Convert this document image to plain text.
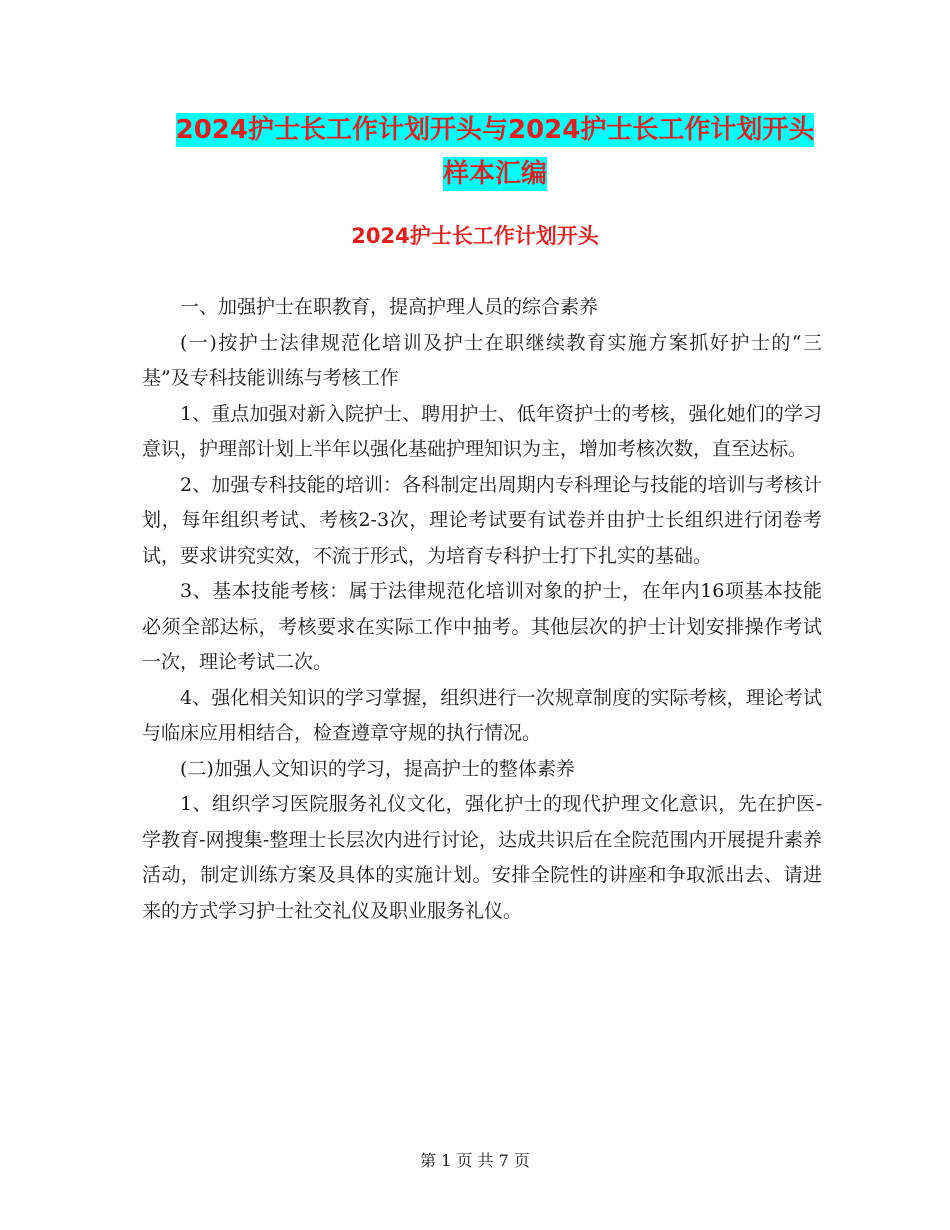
2024护士长工作计划开头与2024护士长工作计划开头
样本汇编
2024护士长工作计划开头

一、加强护士在职教育，提高护理人员的综合素养

(一)按护士法律规范化培训及护士在职继续教育实施方案抓好护士的“三基”及专科技能训练与考核工作

1、重点加强对新入院护士、聘用护士、低年资护士的考核，强化她们的学习意识，护理部计划上半年以强化基础护理知识为主，增加考核次数，直至达标。

2、加强专科技能的培训：各科制定出周期内专科理论与技能的培训与考核计划，每年组织考试、考核2-3次，理论考试要有试卷并由护士长组织进行闭卷考试，要求讲究实效，不流于形式，为培育专科护士打下扎实的基础。

3、基本技能考核：属于法律规范化培训对象的护士，在年内16项基本技能必须全部达标，考核要求在实际工作中抽考。其他层次的护士计划安排操作考试一次，理论考试二次。

4、强化相关知识的学习掌握，组织进行一次规章制度的实际考核，理论考试与临床应用相结合，检查遵章守规的执行情况。

(二)加强人文知识的学习，提高护士的整体素养

1、组织学习医院服务礼仪文化，强化护士的现代护理文化意识，先在护医-学教育-网搜集-整理士长层次内进行讨论，达成共识后在全院范围内开展提升素养活动，制定训练方案及具体的实施计划。安排全院性的讲座和争取派出去、请进来的方式学习护士社交礼仪及职业服务礼仪。

第 1 页 共 7 页
